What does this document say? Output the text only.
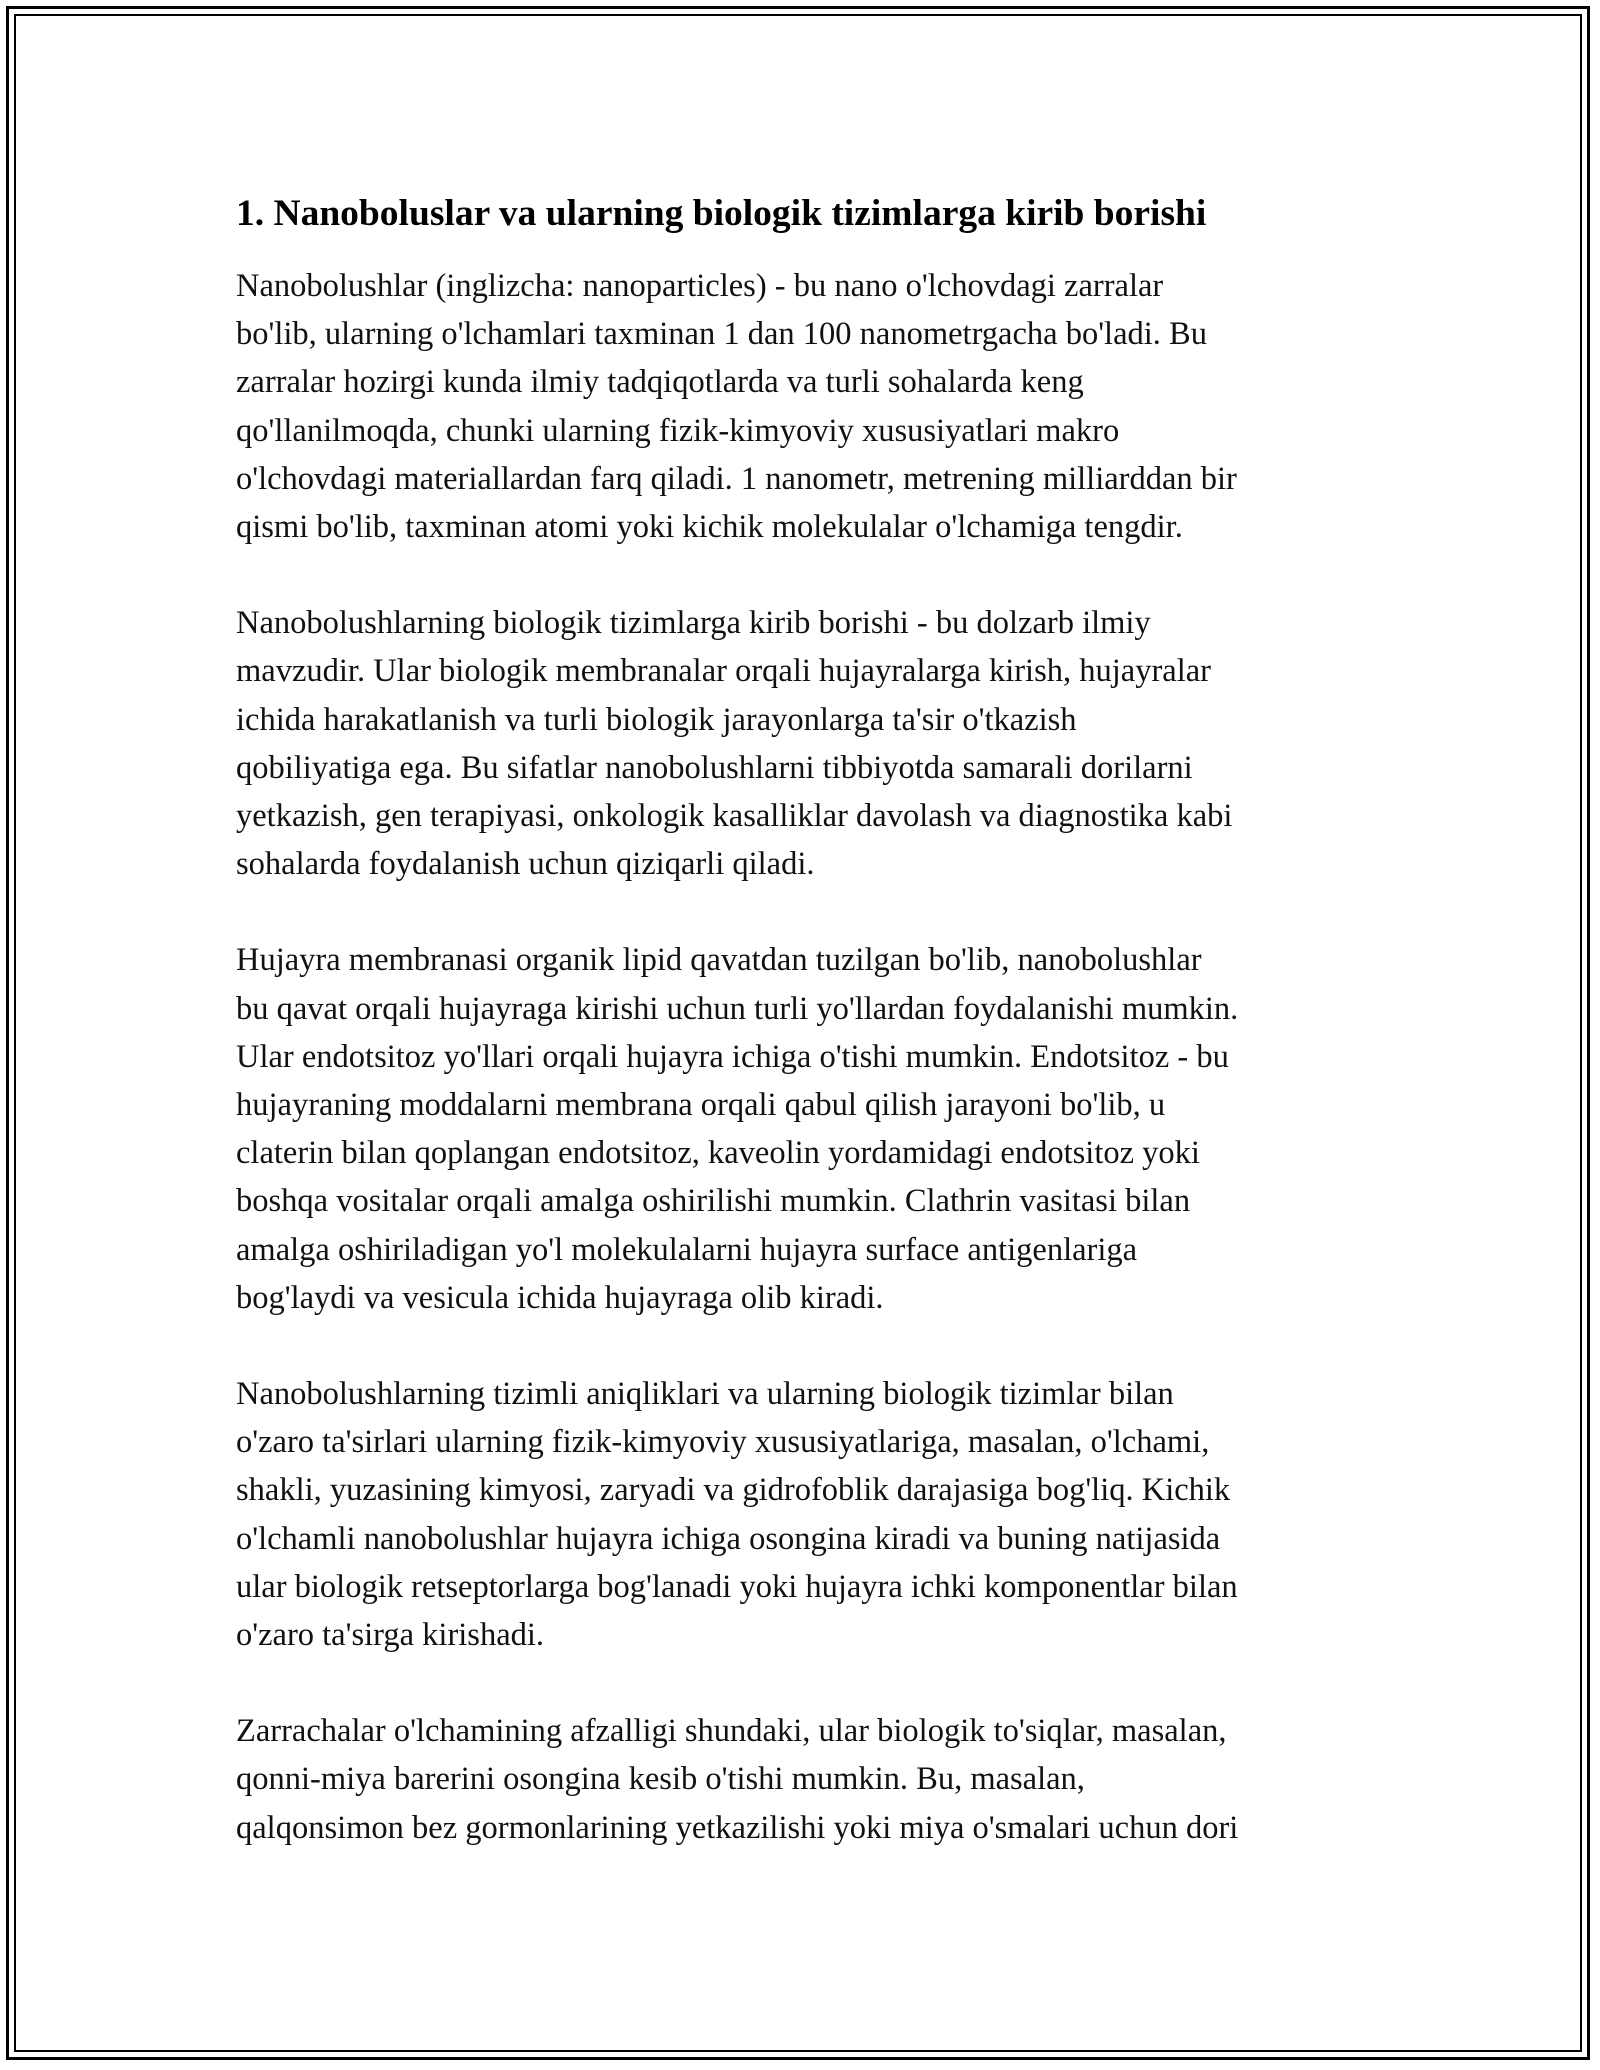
1. Nanoboluslar va ularning biologik tizimlarga kirib borishi

Nanobolushlar (inglizcha: nanoparticles) - bu nano o'lchovdagi zarralar
bo'lib, ularning o'lchamlari taxminan 1 dan 100 nanometrgacha bo'ladi. Bu
zarralar hozirgi kunda ilmiy tadqiqotlarda va turli sohalarda keng
qo'llanilmoqda, chunki ularning fizik-kimyoviy xususiyatlari makro
o'lchovdagi materiallardan farq qiladi. 1 nanometr, metrening milliarddan bir
qismi bo'lib, taxminan atomi yoki kichik molekulalar o'lchamiga tengdir.

Nanobolushlarning biologik tizimlarga kirib borishi - bu dolzarb ilmiy
mavzudir. Ular biologik membranalar orqali hujayralarga kirish, hujayralar
ichida harakatlanish va turli biologik jarayonlarga ta'sir o'tkazish
qobiliyatiga ega. Bu sifatlar nanobolushlarni tibbiyotda samarali dorilarni
yetkazish, gen terapiyasi, onkologik kasalliklar davolash va diagnostika kabi
sohalarda foydalanish uchun qiziqarli qiladi.

Hujayra membranasi organik lipid qavatdan tuzilgan bo'lib, nanobolushlar
bu qavat orqali hujayraga kirishi uchun turli yo'llardan foydalanishi mumkin.
Ular endotsitoz yo'llari orqali hujayra ichiga o'tishi mumkin. Endotsitoz - bu
hujayraning moddalarni membrana orqali qabul qilish jarayoni bo'lib, u
claterin bilan qoplangan endotsitoz, kaveolin yordamidagi endotsitoz yoki
boshqa vositalar orqali amalga oshirilishi mumkin. Clathrin vasitasi bilan
amalga oshiriladigan yo'l molekulalarni hujayra surface antigenlariga
bog'laydi va vesicula ichida hujayraga olib kiradi.

Nanobolushlarning tizimli aniqliklari va ularning biologik tizimlar bilan
o'zaro ta'sirlari ularning fizik-kimyoviy xususiyatlariga, masalan, o'lchami,
shakli, yuzasining kimyosi, zaryadi va gidrofoblik darajasiga bog'liq. Kichik
o'lchamli nanobolushlar hujayra ichiga osongina kiradi va buning natijasida
ular biologik retseptorlarga bog'lanadi yoki hujayra ichki komponentlar bilan
o'zaro ta'sirga kirishadi.

Zarrachalar o'lchamining afzalligi shundaki, ular biologik to'siqlar, masalan,
qonni-miya barerini osongina kesib o'tishi mumkin. Bu, masalan,
qalqonsimon bez gormonlarining yetkazilishi yoki miya o'smalari uchun dori
